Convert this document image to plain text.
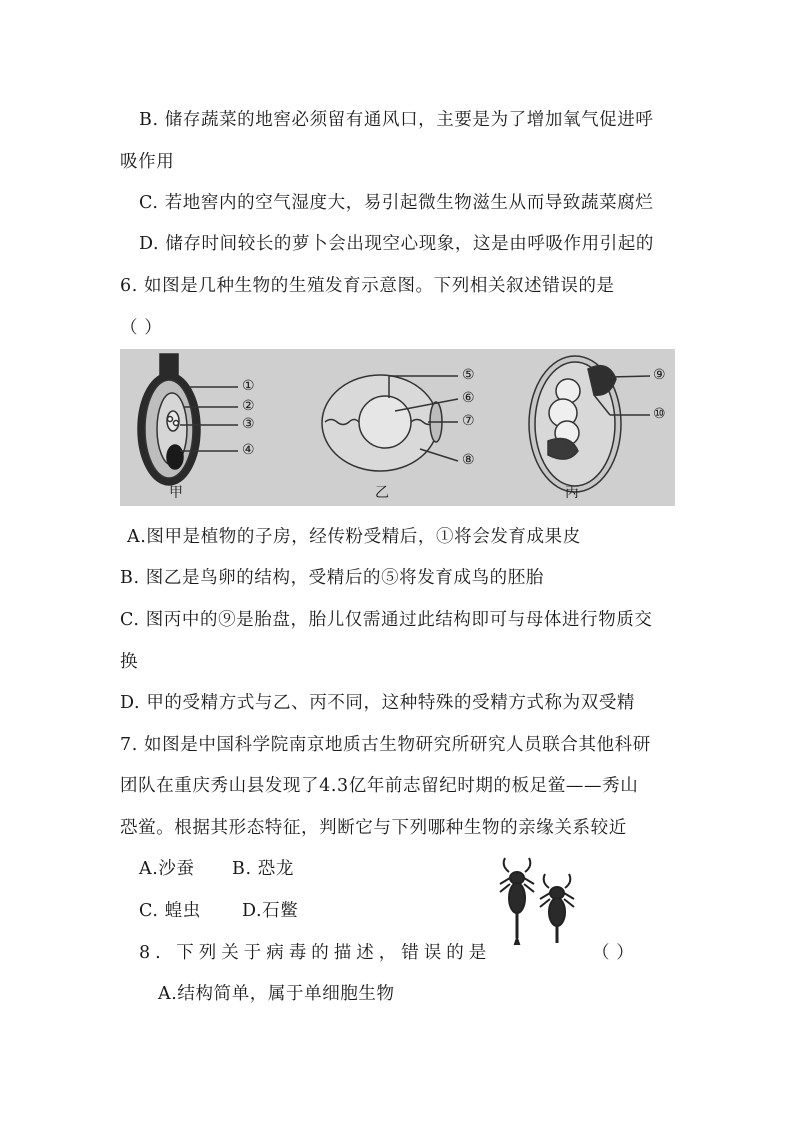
B. 储存蔬菜的地窖必须留有通风口，主要是为了增加氧气促进呼
吸作用
C. 若地窖内的空气湿度大，易引起微生物滋生从而导致蔬菜腐烂
D. 储存时间较长的萝卜会出现空心现象，这是由呼吸作用引起的
6. 如图是几种生物的生殖发育示意图。下列相关叙述错误的是
（ ）
①
②
③
④
⑤
⑥
⑦
⑧
⑨
⑩
甲	乙	丙
A.图甲是植物的子房，经传粉受精后，①将会发育成果皮
B. 图乙是鸟卵的结构，受精后的⑤将发育成鸟的胚胎
C. 图丙中的⑨是胎盘，胎儿仅需通过此结构即可与母体进行物质交
换
D. 甲的受精方式与乙、丙不同，这种特殊的受精方式称为双受精
7. 如图是中国科学院南京地质古生物研究所研究人员联合其他科研
团队在重庆秀山县发现了4.3亿年前志留纪时期的板足鲎——秀山
恐鲎。根据其形态特征，判断它与下列哪种生物的亲缘关系较近
A.沙蚕 B. 恐龙
C. 蝗虫 D.石鳖
8. 下列关于病毒的描述，错误的是	（ ）
A.结构简单，属于单细胞生物
